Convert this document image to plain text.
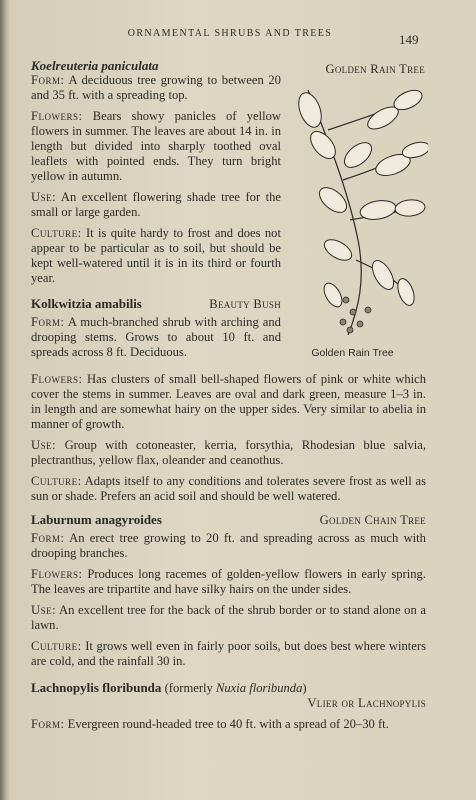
ORNAMENTAL SHRUBS AND TREES	149
Koelreuteria paniculata

Form: A deciduous tree growing to between 20 and 35 ft. with a spreading top.

Flowers: Bears showy panicles of yellow flowers in summer. The leaves are about 14 in. in length but divided into sharply toothed oval leaflets with pointed ends. They turn bright yellow in autumn.

Use: An excellent flowering shade tree for the small or large garden.

Culture: It is quite hardy to frost and does not appear to be particular as to soil, but should be kept well-watered until it is in its third or fourth year.

Golden Rain Tree
Golden Rain Tree
Kolkwitzia amabilis	Beauty Bush

Form: A much-branched shrub with arching and drooping stems. Grows to about 10 ft. and spreads across 8 ft. Deciduous.

Flowers: Has clusters of small bell-shaped flowers of pink or white which cover the stems in summer. Leaves are oval and dark green, measure 1–3 in. in length and are somewhat hairy on the upper sides. Very similar to abelia in manner of growth.

Use: Group with cotoneaster, kerria, forsythia, Rhodesian blue salvia, plectranthus, yellow flax, oleander and ceanothus.

Culture: Adapts itself to any conditions and tolerates severe frost as well as sun or shade. Prefers an acid soil and should be well watered.

Laburnum anagyroides	Golden Chain Tree

Form: An erect tree growing to 20 ft. and spreading across as much with drooping branches.

Flowers: Produces long racemes of golden-yellow flowers in early spring. The leaves are tripartite and have silky hairs on the under sides.

Use: An excellent tree for the back of the shrub border or to stand alone on a lawn.

Culture: It grows well even in fairly poor soils, but does best where winters are cold, and the rainfall 30 in.

Lachnopylis floribunda (formerly Nuxia floribunda)
Vlier or Lachnopylis

Form: Evergreen round-headed tree to 40 ft. with a spread of 20–30 ft.
